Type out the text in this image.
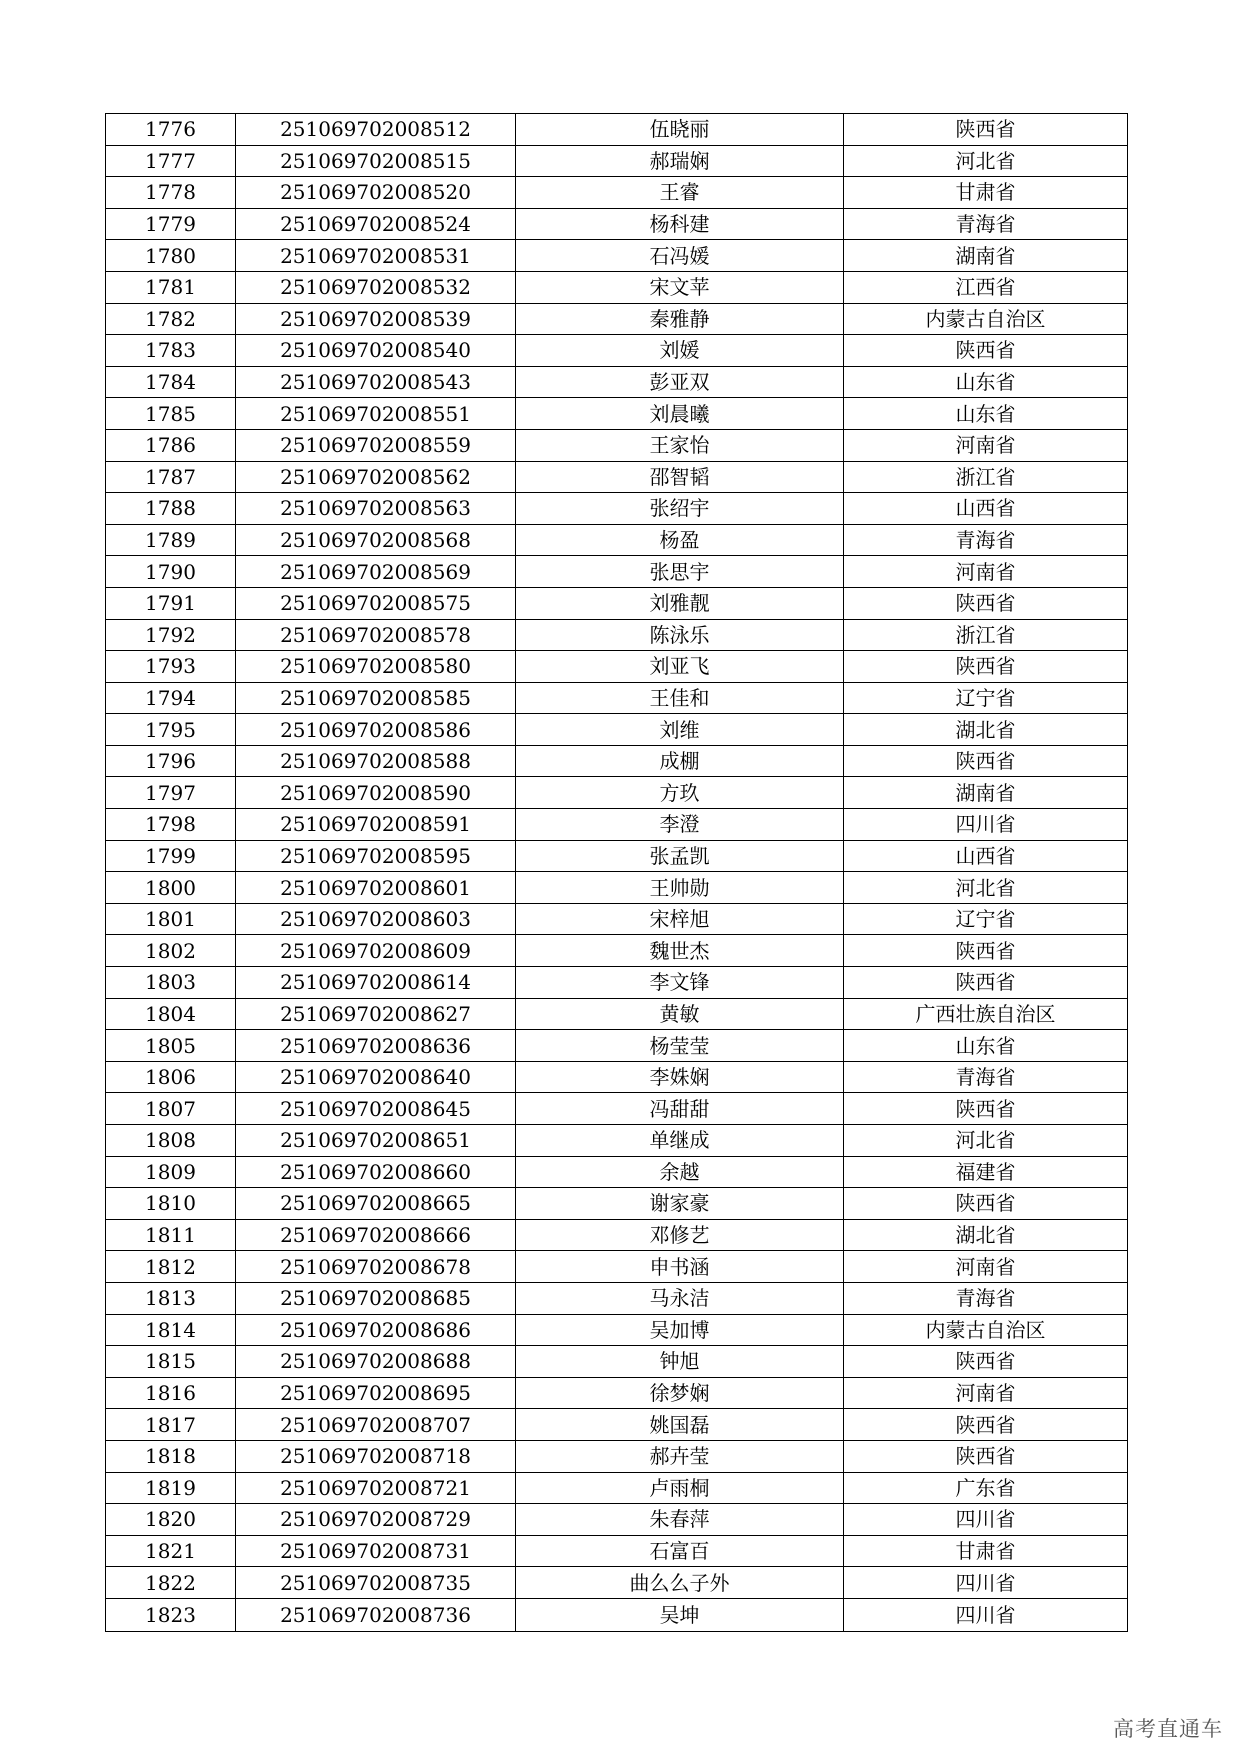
1776	251069702008512	伍晓丽	陕西省
1777	251069702008515	郝瑞娴	河北省
1778	251069702008520	王睿	甘肃省
1779	251069702008524	杨科建	青海省
1780	251069702008531	石冯媛	湖南省
1781	251069702008532	宋文苹	江西省
1782	251069702008539	秦雅静	内蒙古自治区
1783	251069702008540	刘媛	陕西省
1784	251069702008543	彭亚双	山东省
1785	251069702008551	刘晨曦	山东省
1786	251069702008559	王家怡	河南省
1787	251069702008562	邵智韬	浙江省
1788	251069702008563	张绍宇	山西省
1789	251069702008568	杨盈	青海省
1790	251069702008569	张思宇	河南省
1791	251069702008575	刘雅靓	陕西省
1792	251069702008578	陈泳乐	浙江省
1793	251069702008580	刘亚飞	陕西省
1794	251069702008585	王佳和	辽宁省
1795	251069702008586	刘维	湖北省
1796	251069702008588	成棚	陕西省
1797	251069702008590	方玖	湖南省
1798	251069702008591	李澄	四川省
1799	251069702008595	张孟凯	山西省
1800	251069702008601	王帅勋	河北省
1801	251069702008603	宋梓旭	辽宁省
1802	251069702008609	魏世杰	陕西省
1803	251069702008614	李文锋	陕西省
1804	251069702008627	黄敏	广西壮族自治区
1805	251069702008636	杨莹莹	山东省
1806	251069702008640	李姝娴	青海省
1807	251069702008645	冯甜甜	陕西省
1808	251069702008651	单继成	河北省
1809	251069702008660	余越	福建省
1810	251069702008665	谢家豪	陕西省
1811	251069702008666	邓修艺	湖北省
1812	251069702008678	申书涵	河南省
1813	251069702008685	马永洁	青海省
1814	251069702008686	吴加博	内蒙古自治区
1815	251069702008688	钟旭	陕西省
1816	251069702008695	徐梦娴	河南省
1817	251069702008707	姚国磊	陕西省
1818	251069702008718	郝卉莹	陕西省
1819	251069702008721	卢雨桐	广东省
1820	251069702008729	朱春萍	四川省
1821	251069702008731	石富百	甘肃省
1822	251069702008735	曲么么子外	四川省
1823	251069702008736	吴坤	四川省
高考直通车
